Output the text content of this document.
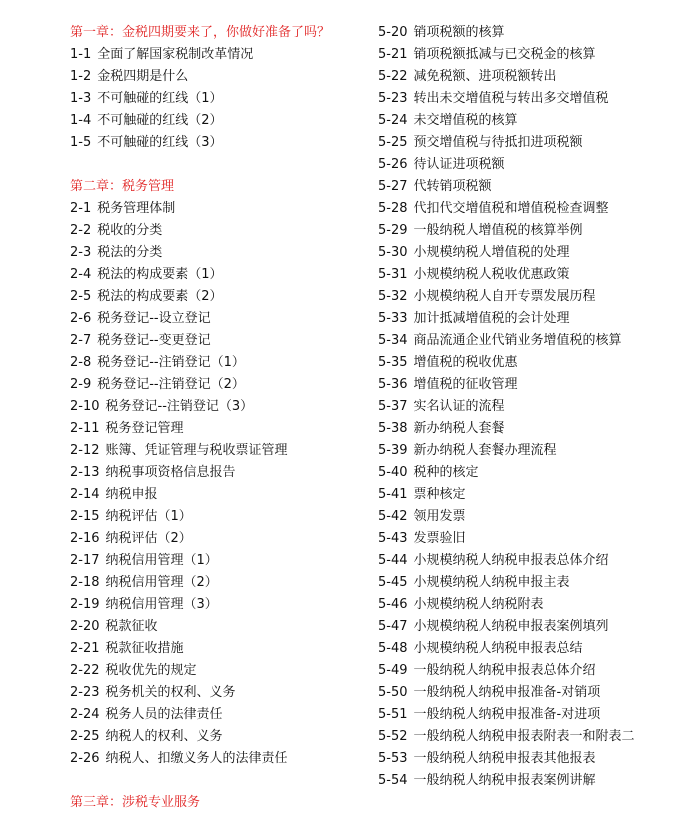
第一章：金税四期要来了，你做好准备了吗？
1-1 全面了解国家税制改革情况
1-2 金税四期是什么
1-3 不可触碰的红线（1）
1-4 不可触碰的红线（2）
1-5 不可触碰的红线（3）
第二章：税务管理
2-1 税务管理体制
2-2 税收的分类
2-3 税法的分类
2-4 税法的构成要素（1）
2-5 税法的构成要素（2）
2-6 税务登记--设立登记
2-7 税务登记--变更登记
2-8 税务登记--注销登记（1）
2-9 税务登记--注销登记（2）
2-10 税务登记--注销登记（3）
2-11 税务登记管理
2-12 账簿、凭证管理与税收票证管理
2-13 纳税事项资格信息报告
2-14 纳税申报
2-15 纳税评估（1）
2-16 纳税评估（2）
2-17 纳税信用管理（1）
2-18 纳税信用管理（2）
2-19 纳税信用管理（3）
2-20 税款征收
2-21 税款征收措施
2-22 税收优先的规定
2-23 税务机关的权利、义务
2-24 税务人员的法律责任
2-25 纳税人的权利、义务
2-26 纳税人、扣缴义务人的法律责任
第三章：涉税专业服务
5-20 销项税额的核算
5-21 销项税额抵减与已交税金的核算
5-22 减免税额、进项税额转出
5-23 转出未交增值税与转出多交增值税
5-24 未交增值税的核算
5-25 预交增值税与待抵扣进项税额
5-26 待认证进项税额
5-27 代转销项税额
5-28 代扣代交增值税和增值税检查调整
5-29 一般纳税人增值税的核算举例
5-30 小规模纳税人增值税的处理
5-31 小规模纳税人税收优惠政策
5-32 小规模纳税人自开专票发展历程
5-33 加计抵减增值税的会计处理
5-34 商品流通企业代销业务增值税的核算
5-35 增值税的税收优惠
5-36 增值税的征收管理
5-37 实名认证的流程
5-38 新办纳税人套餐
5-39 新办纳税人套餐办理流程
5-40 税种的核定
5-41 票种核定
5-42 领用发票
5-43 发票验旧
5-44 小规模纳税人纳税申报表总体介绍
5-45 小规模纳税人纳税申报主表
5-46 小规模纳税人纳税附表
5-47 小规模纳税人纳税申报表案例填列
5-48 小规模纳税人纳税申报表总结
5-49 一般纳税人纳税申报表总体介绍
5-50 一般纳税人纳税申报准备-对销项
5-51 一般纳税人纳税申报准备-对进项
5-52 一般纳税人纳税申报表附表一和附表二
5-53 一般纳税人纳税申报表其他报表
5-54 一般纳税人纳税申报表案例讲解
